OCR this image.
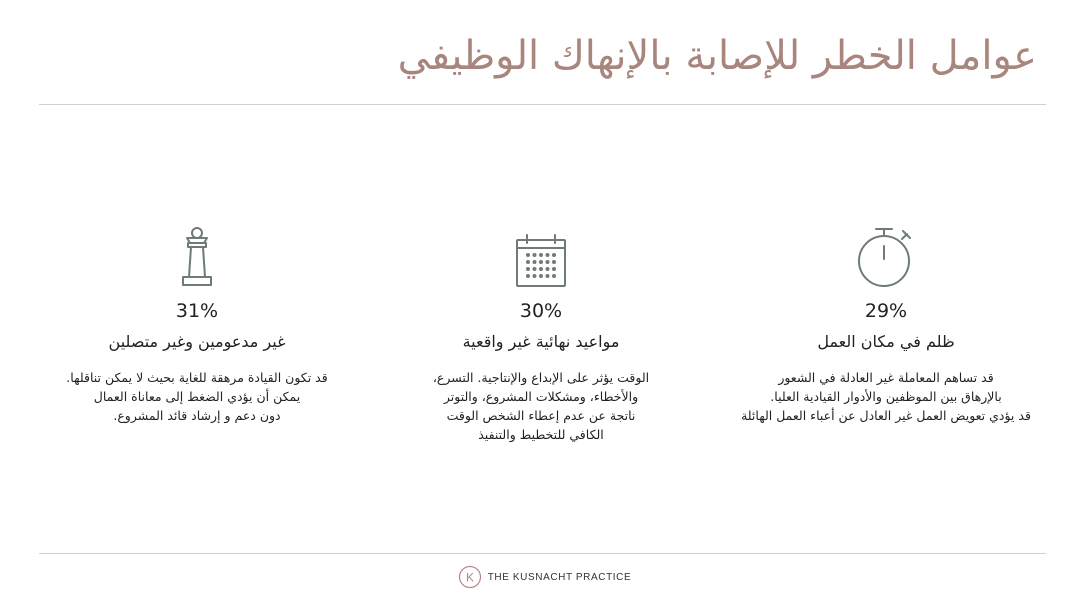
عوامل الخطر للإصابة بالإنهاك الوظيفي
29%
ظلم في مكان العمل
قد تساهم المعاملة غير العادلة في الشعور
بالإرهاق بين الموظفين والأدوار القيادية العليا.
قد يؤدي تعويض العمل غير العادل عن أعباء العمل الهائلة
30%
مواعيد نهائية غير واقعية
الوقت يؤثر على الإبداع والإنتاجية. التسرع،
والأخطاء، ومشكلات المشروع، والتوتر
ناتجة عن عدم إعطاء الشخص الوقت
الكافي للتخطيط والتنفيذ
31%
غير مدعومين وغير متصلين
قد تكون القيادة مرهقة للغاية بحيث لا يمكن تناقلها.
يمكن أن يؤدي الضغط إلى معاناة العمال
دون دعم و إرشاد قائد المشروع.
K THE KUSNACHT PRACTICE
